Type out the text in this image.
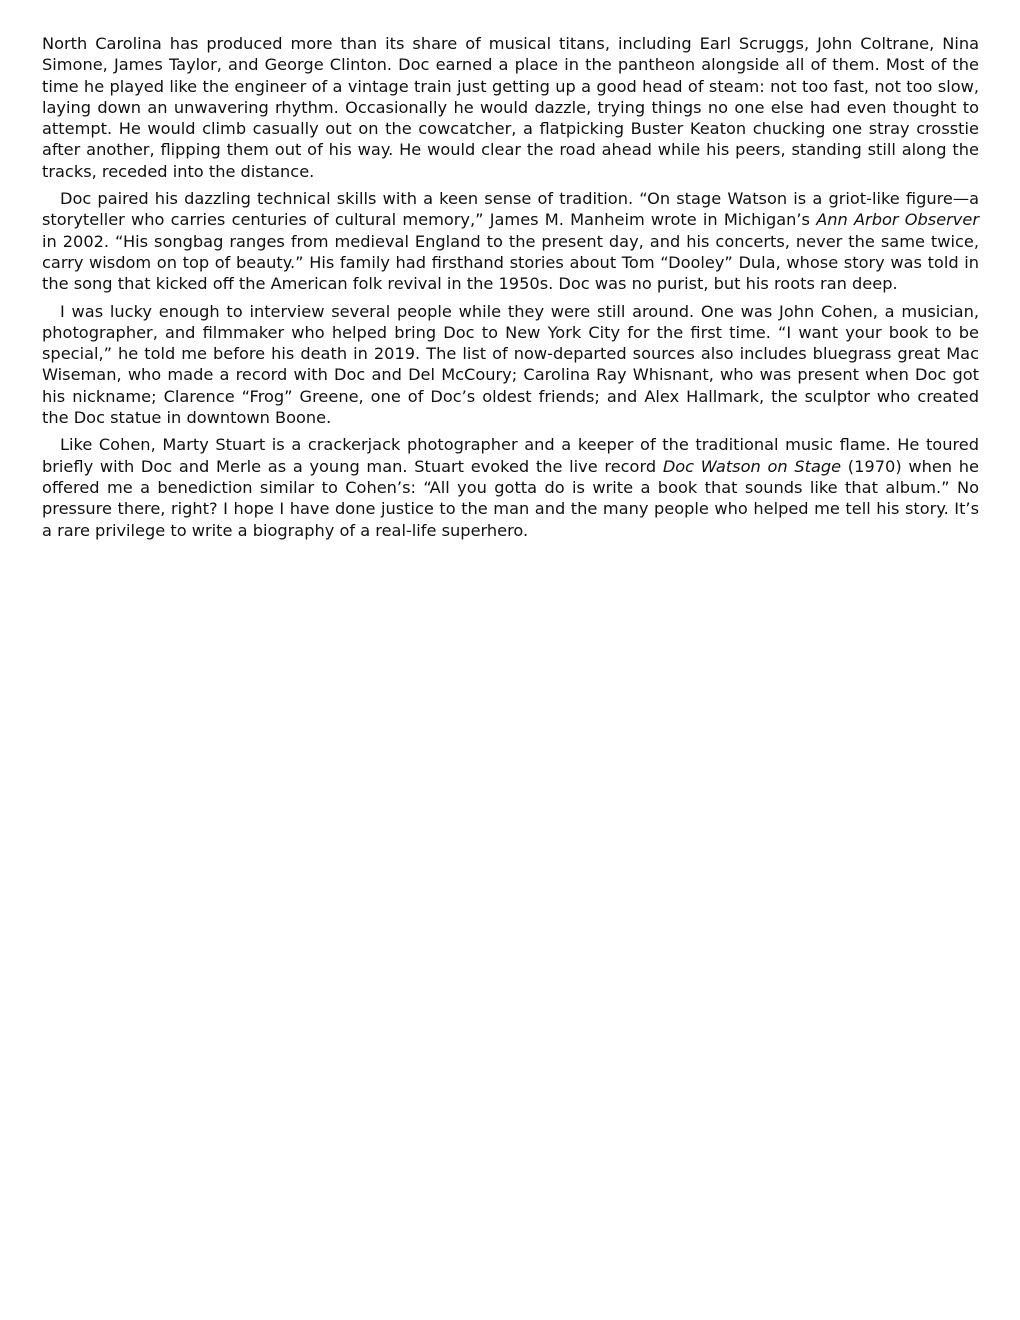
North Carolina has produced more than its share of musical titans, including Earl Scruggs, John Coltrane, Nina Simone, James Taylor, and George Clinton. Doc earned a place in the pantheon alongside all of them. Most of the time he played like the engineer of a vintage train just getting up a good head of steam: not too fast, not too slow, laying down an unwavering rhythm. Occasionally he would dazzle, trying things no one else had even thought to attempt. He would climb casually out on the cowcatcher, a flatpicking Buster Keaton chucking one stray crosstie after another, flipping them out of his way. He would clear the road ahead while his peers, standing still along the tracks, receded into the distance.

Doc paired his dazzling technical skills with a keen sense of tradition. “On stage Watson is a griot-like figure—a storyteller who carries centuries of cultural memory,” James M. Manheim wrote in Michigan’s Ann Arbor Observer in 2002. “His songbag ranges from medieval England to the present day, and his concerts, never the same twice, carry wisdom on top of beauty.” His family had firsthand stories about Tom “Dooley” Dula, whose story was told in the song that kicked off the American folk revival in the 1950s. Doc was no purist, but his roots ran deep.

I was lucky enough to interview several people while they were still around. One was John Cohen, a musician, photographer, and filmmaker who helped bring Doc to New York City for the first time. “I want your book to be special,” he told me before his death in 2019. The list of now-departed sources also includes bluegrass great Mac Wiseman, who made a record with Doc and Del McCoury; Carolina Ray Whisnant, who was present when Doc got his nickname; Clarence “Frog” Greene, one of Doc’s oldest friends; and Alex Hallmark, the sculptor who created the Doc statue in downtown Boone.

Like Cohen, Marty Stuart is a crackerjack photographer and a keeper of the traditional music flame. He toured briefly with Doc and Merle as a young man. Stuart evoked the live record Doc Watson on Stage (1970) when he offered me a benediction similar to Cohen’s: “All you gotta do is write a book that sounds like that album.” No pressure there, right? I hope I have done justice to the man and the many people who helped me tell his story. It’s a rare privilege to write a biography of a real-life superhero.
